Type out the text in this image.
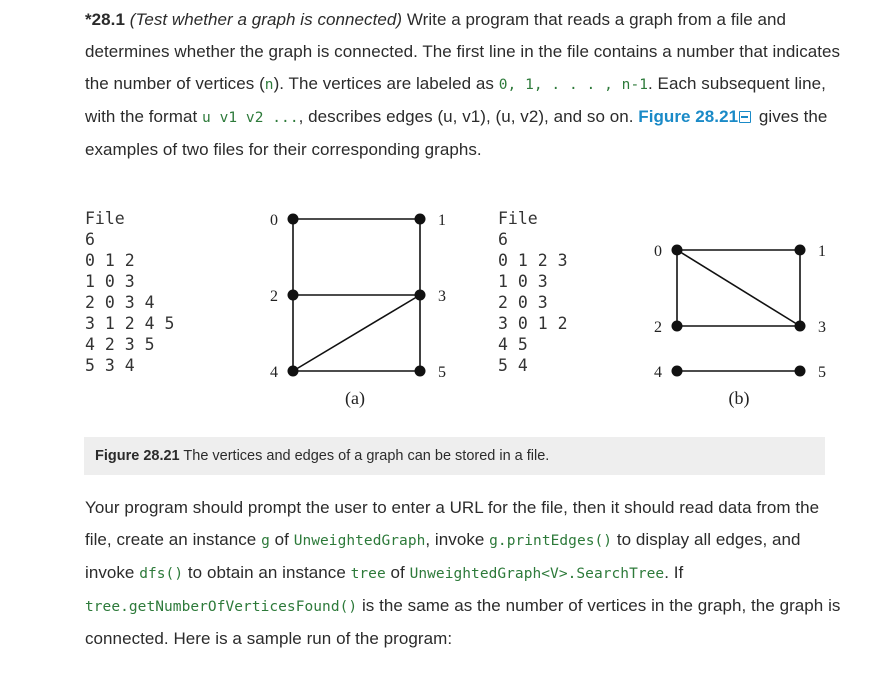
*28.1 (Test whether a graph is connected) Write a program that reads a graph from a file and determines whether the graph is connected. The first line in the file contains a number that indicates the number of vertices (n). The vertices are labeled as 0, 1, . . . , n-1. Each subsequent line, with the format u v1 v2 ..., describes edges (u, v1), (u, v2), and so on. Figure 28.21 gives the examples of two files for their corresponding graphs.
File
6
0 1 2
1 0 3
2 0 3 4
3 1 2 4 5
4 2 3 5
5 3 4
File
6
0 1 2 3
1 0 3
2 0 3
3 0 1 2
4 5
5 4
0	1
2	3
4	5
0	1
2	3
4	5
(a)	(b)
Figure 28.21 The vertices and edges of a graph can be stored in a file.
Your program should prompt the user to enter a URL for the file, then it should read data from the file, create an instance g of UnweightedGraph, invoke g.printEdges() to display all edges, and invoke dfs() to obtain an instance tree of UnweightedGraph<V>.SearchTree. If tree.getNumberOfVerticesFound() is the same as the number of vertices in the graph, the graph is connected. Here is a sample run of the program:
